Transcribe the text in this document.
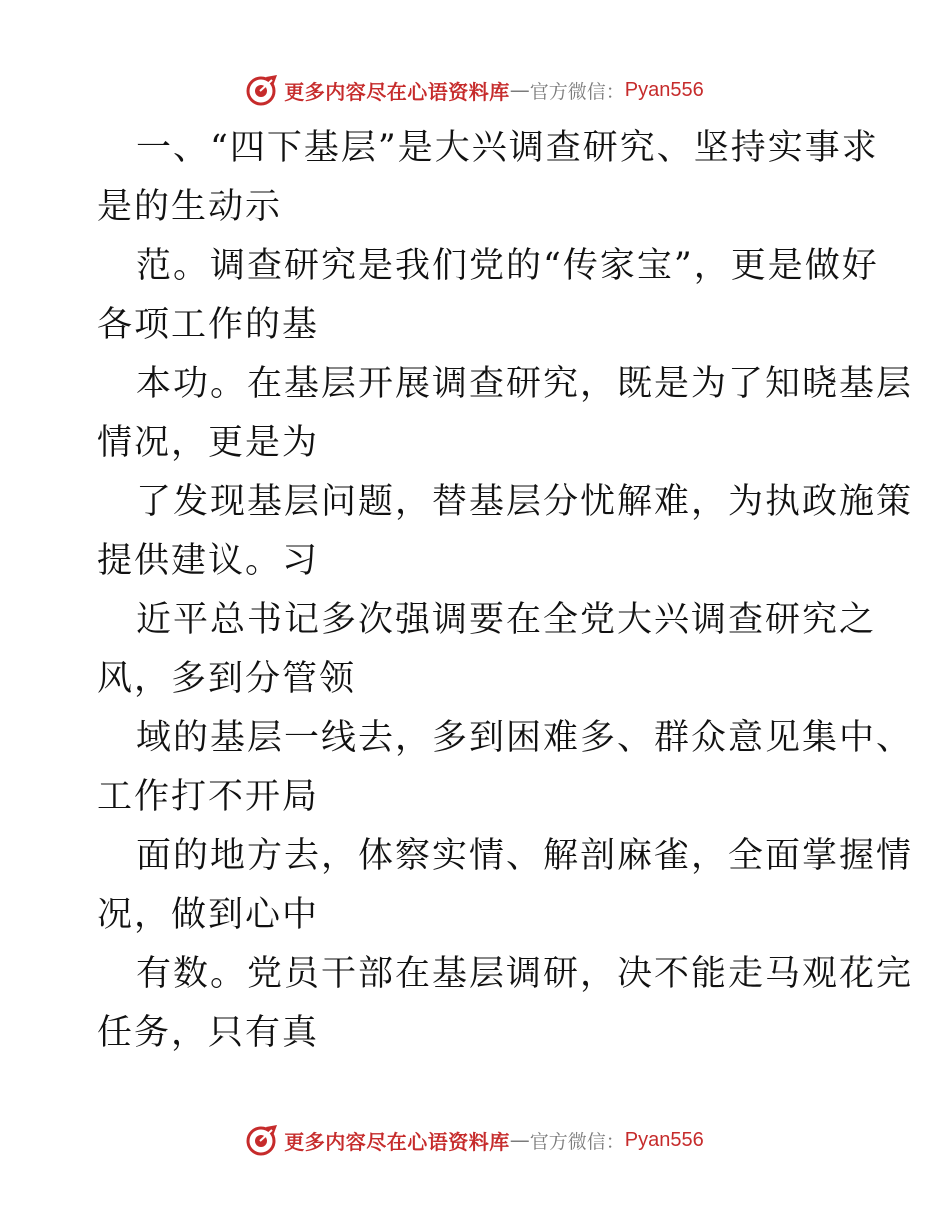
更多内容尽在心语资料库 — 官方微信： Pyan556
一、“四下基层”是大兴调查研究、坚持实事求
是的生动示
范。调查研究是我们党的“传家宝”，更是做好
各项工作的基
本功。在基层开展调查研究，既是为了知晓基层
情况，更是为
了发现基层问题，替基层分忧解难，为执政施策
提供建议。习
近平总书记多次强调要在全党大兴调查研究之
风，多到分管领
域的基层一线去，多到困难多、群众意见集中、
工作打不开局
面的地方去，体察实情、解剖麻雀，全面掌握情
况，做到心中
有数。党员干部在基层调研，决不能走马观花完
任务，只有真
更多内容尽在心语资料库 — 官方微信： Pyan556
